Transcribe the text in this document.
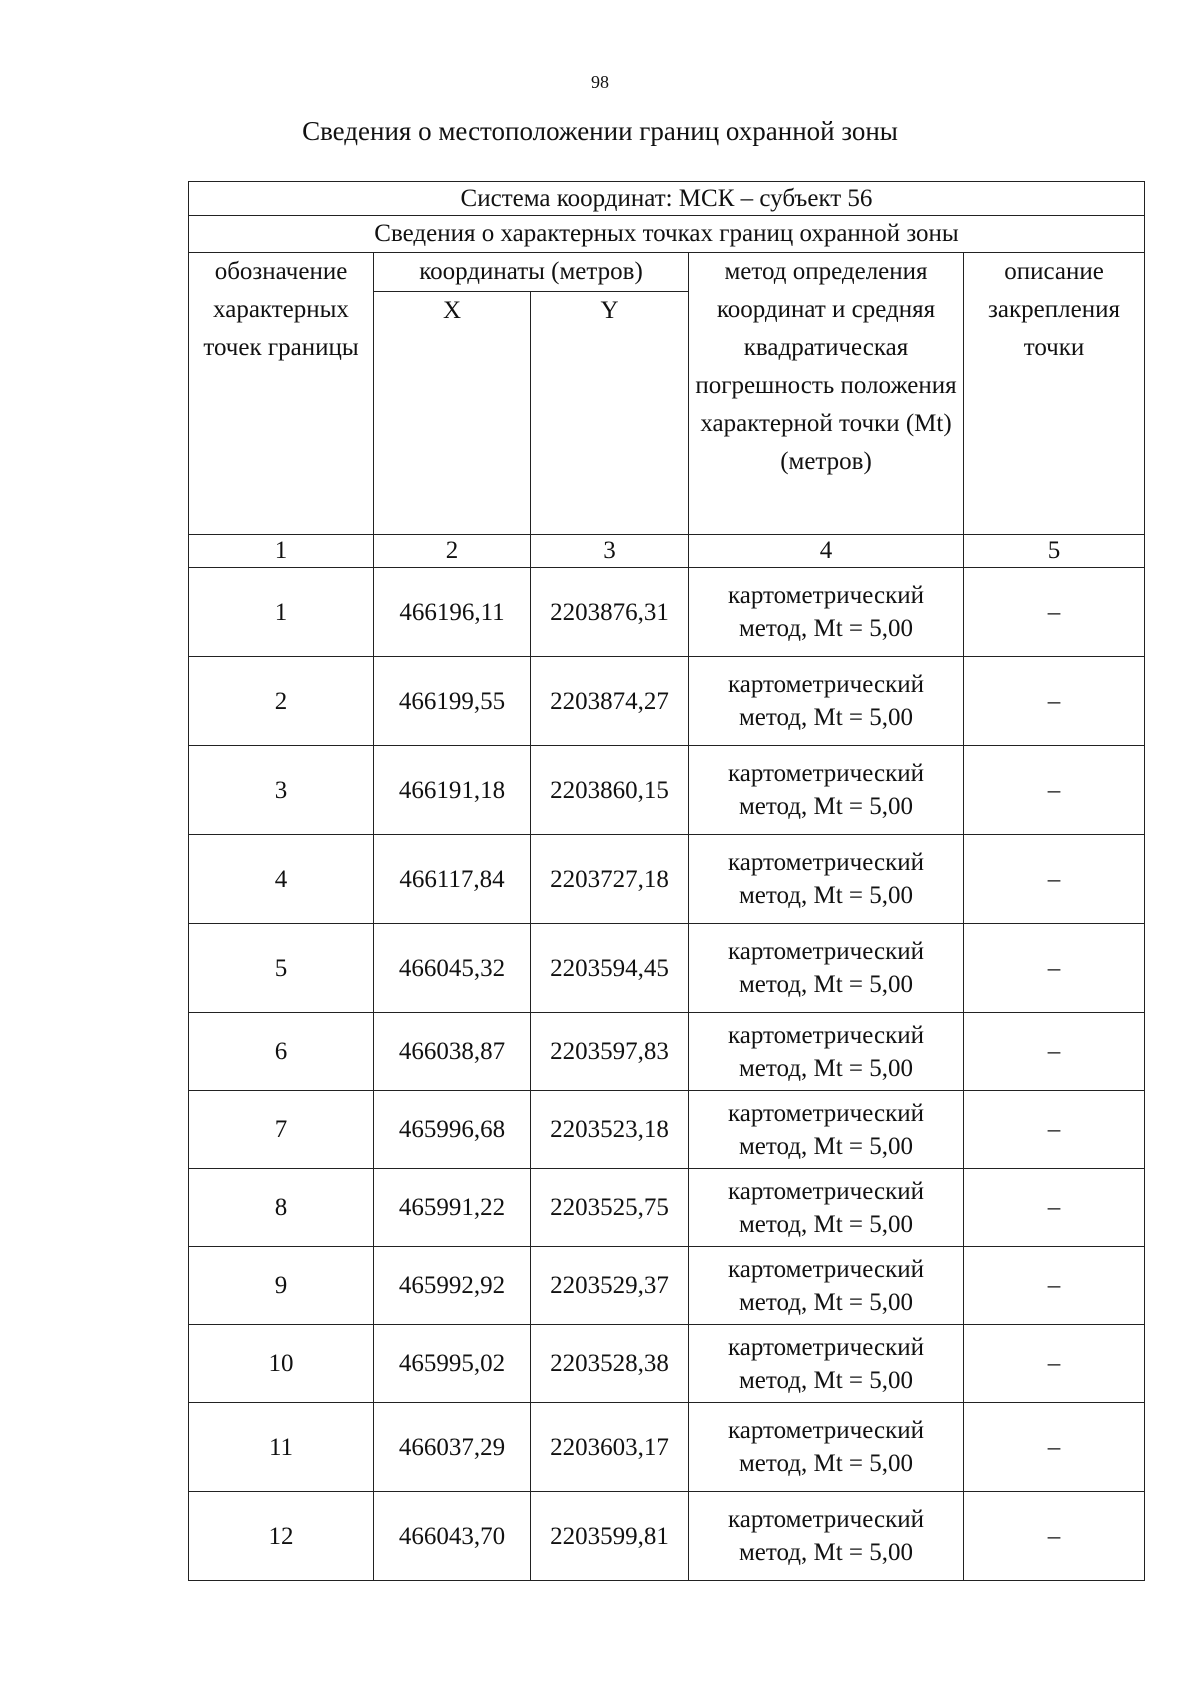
98
Сведения о местоположении границ охранной зоны
Система координат: МСК – субъект 56				
Сведения о характерных точках границ охранной зоны				
обозначение характерных точек границы	координаты (метров)		метод определения координат и средняя квадратическая погрешность положения характерной точки (Mt) (метров)	описание закрепления точки
	X	Y		
1	2	3	4	5
1	466196,11	2203876,31	картометрический
метод, Mt = 5,00	–
2	466199,55	2203874,27	картометрический
метод, Mt = 5,00	–
3	466191,18	2203860,15	картометрический
метод, Mt = 5,00	–
4	466117,84	2203727,18	картометрический
метод, Mt = 5,00	–
5	466045,32	2203594,45	картометрический
метод, Mt = 5,00	–
6	466038,87	2203597,83	картометрический
метод, Mt = 5,00	–
7	465996,68	2203523,18	картометрический
метод, Mt = 5,00	–
8	465991,22	2203525,75	картометрический
метод, Mt = 5,00	–
9	465992,92	2203529,37	картометрический
метод, Mt = 5,00	–
10	465995,02	2203528,38	картометрический
метод, Mt = 5,00	–
11	466037,29	2203603,17	картометрический
метод, Mt = 5,00	–
12	466043,70	2203599,81	картометрический
метод, Mt = 5,00	–
